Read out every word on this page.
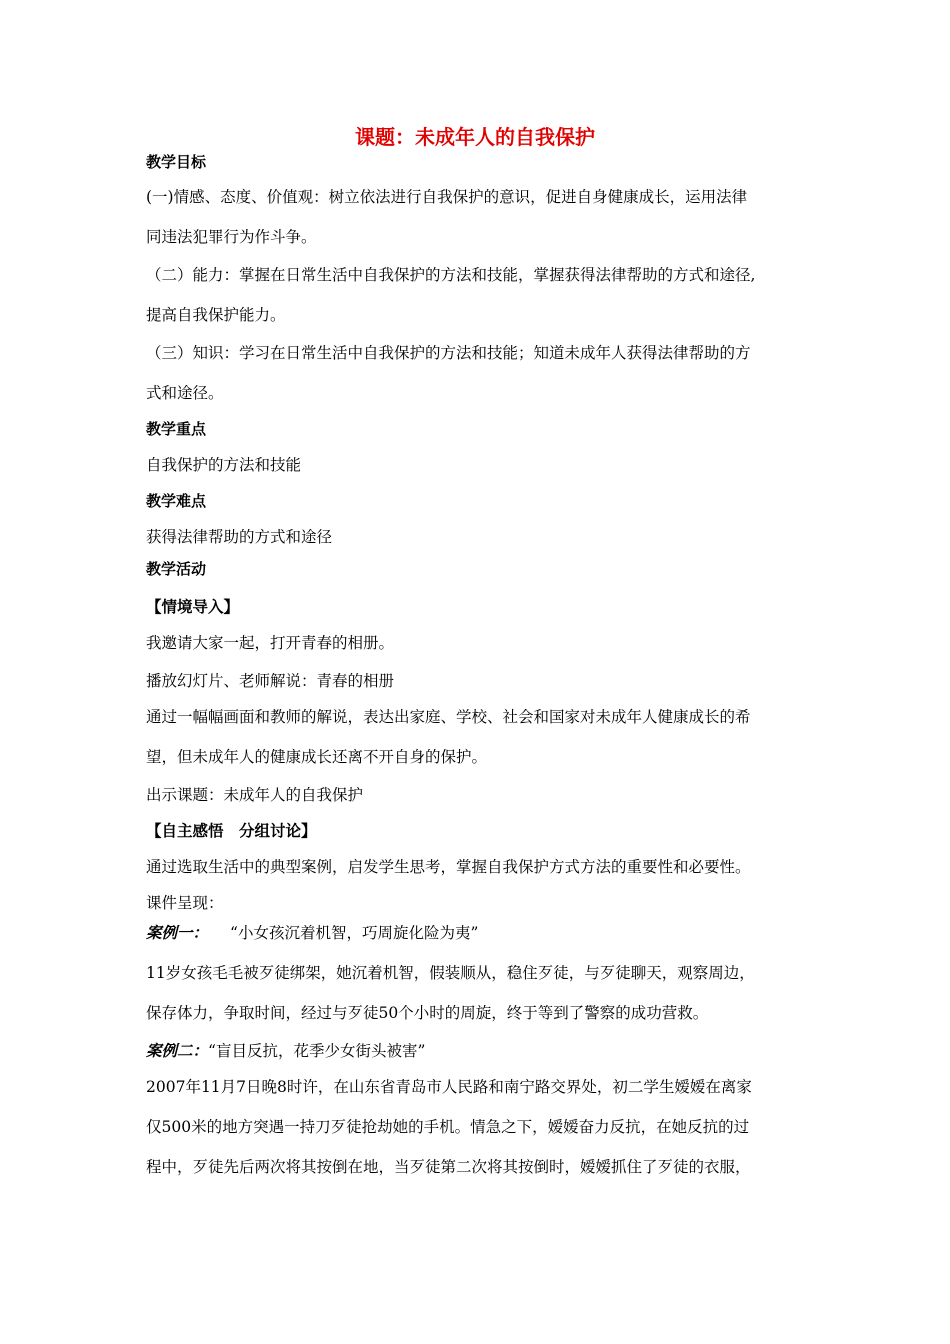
课题：未成年人的自我保护
教学目标
(一)情感、态度、价值观：树立依法进行自我保护的意识，促进自身健康成长，运用法律
同违法犯罪行为作斗争。
（二）能力：掌握在日常生活中自我保护的方法和技能，掌握获得法律帮助的方式和途径,
提高自我保护能力。
（三）知识：学习在日常生活中自我保护的方法和技能；知道未成年人获得法律帮助的方
式和途径。
教学重点
自我保护的方法和技能
教学难点
获得法律帮助的方式和途径
教学活动
【情境导入】
我邀请大家一起，打开青春的相册。
播放幻灯片、老师解说：青春的相册
通过一幅幅画面和教师的解说，表达出家庭、学校、社会和国家对未成年人健康成长的希
望，但未成年人的健康成长还离不开自身的保护。
出示课题：未成年人的自我保护
【自主感悟　分组讨论】
通过选取生活中的典型案例，启发学生思考，掌握自我保护方式方法的重要性和必要性。
课件呈现：
案例一： “小女孩沉着机智，巧周旋化险为夷”
11岁女孩毛毛被歹徒绑架，她沉着机智，假装顺从，稳住歹徒，与歹徒聊天，观察周边，
保存体力，争取时间，经过与歹徒50个小时的周旋，终于等到了警察的成功营救。
案例二：“盲目反抗，花季少女街头被害”
2007年11月7日晚8时许，在山东省青岛市人民路和南宁路交界处，初二学生嫒嫒在离家
仅500米的地方突遇一持刀歹徒抢劫她的手机。情急之下，嫒嫒奋力反抗，在她反抗的过
程中，歹徒先后两次将其按倒在地，当歹徒第二次将其按倒时，嫒嫒抓住了歹徒的衣服，
